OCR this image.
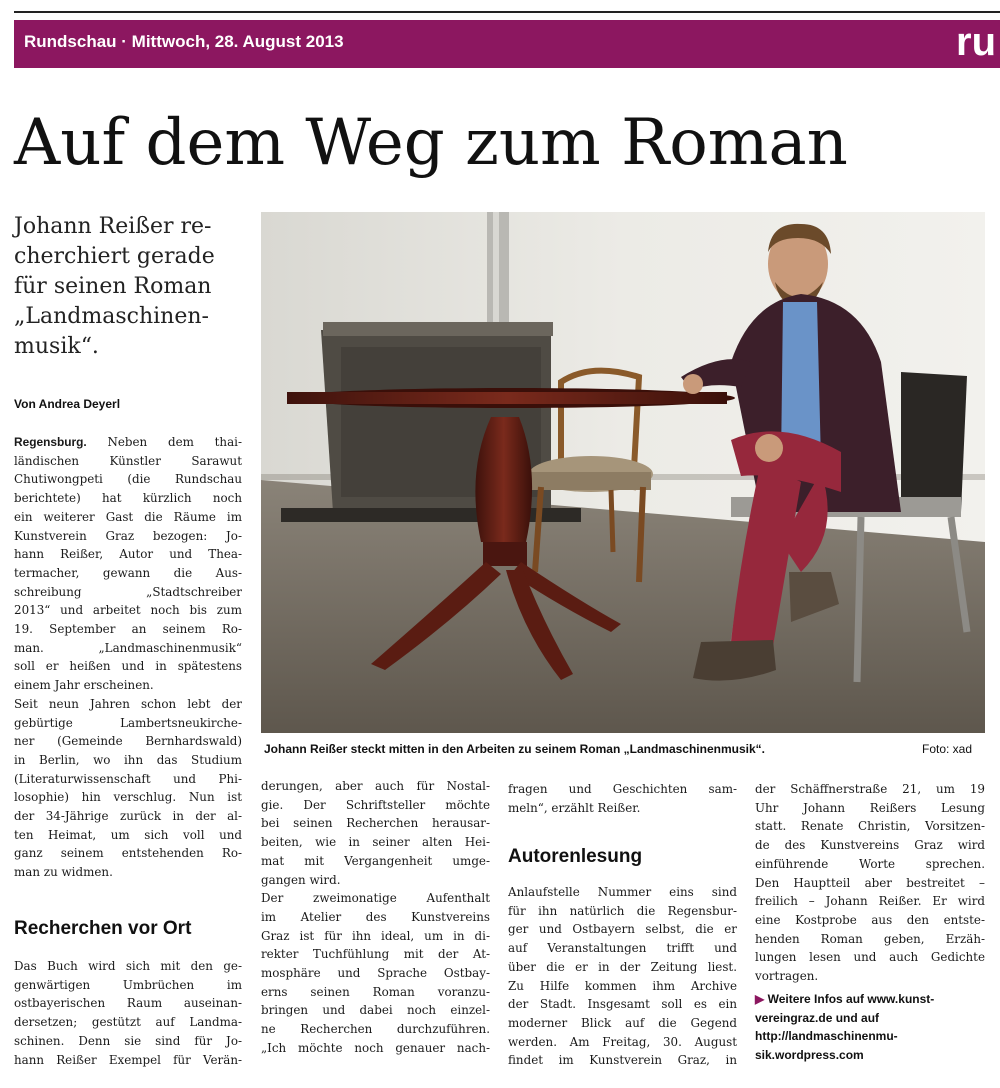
Rundschau · Mittwoch, 28. August 2013	ru
Auf dem Weg zum Roman
Johann Reißer re-
cherchiert gerade
für seinen Roman
„Landmaschinen-
musik“.
Von Andrea Deyerl
Regensburg. Neben dem thai-
ländischen Künstler Sarawut
Chutiwongpeti (die Rundschau
berichtete) hat kürzlich noch
ein weiterer Gast die Räume im
Kunstverein Graz bezogen: Jo-
hann Reißer, Autor und Thea-
termacher, gewann die Aus-
schreibung „Stadtschreiber
2013“ und arbeitet noch bis zum
19. September an seinem Ro-
man. „Landmaschinenmusik“
soll er heißen und in spätestens
einem Jahr erscheinen.
Seit neun Jahren schon lebt der
gebürtige Lambertsneukirche-
ner (Gemeinde Bernhardswald)
in Berlin, wo ihn das Studium
(Literaturwissenschaft und Phi-
losophie) hin verschlug. Nun ist
der 34-Jährige zurück in der al-
ten Heimat, um sich voll und
ganz seinem entstehenden Ro-
man zu widmen.
Recherchen vor Ort
Das Buch wird sich mit den ge-
genwärtigen Umbrüchen im
ostbayerischen Raum auseinan-
dersetzen; gestützt auf Landma-
schinen. Denn sie sind für Jo-
hann Reißer Exempel für Verän-
Johann Reißer steckt mitten in den Arbeiten zu seinem Roman „Landmaschinenmusik“.	Foto: xad
derungen, aber auch für Nostal-
gie. Der Schriftsteller möchte
bei seinen Recherchen herausar-
beiten, wie in seiner alten Hei-
mat mit Vergangenheit umge-
gangen wird.
Der zweimonatige Aufenthalt
im Atelier des Kunstvereins
Graz ist für ihn ideal, um in di-
rekter Tuchfühlung mit der At-
mosphäre und Sprache Ostbay-
erns seinen Roman voranzu-
bringen und dabei noch einzel-
ne Recherchen durchzuführen.
„Ich möchte noch genauer nach-
fragen und Geschichten sam-
meln“, erzählt Reißer.
Autorenlesung
Anlaufstelle Nummer eins sind
für ihn natürlich die Regensbur-
ger und Ostbayern selbst, die er
auf Veranstaltungen trifft und
über die er in der Zeitung liest.
Zu Hilfe kommen ihm Archive
der Stadt. Insgesamt soll es ein
moderner Blick auf die Gegend
werden. Am Freitag, 30. August
findet im Kunstverein Graz, in
der Schäffnerstraße 21, um 19
Uhr Johann Reißers Lesung
statt. Renate Christin, Vorsitzen-
de des Kunstvereins Graz wird
einführende Worte sprechen.
Den Hauptteil aber bestreitet –
freilich – Johann Reißer. Er wird
eine Kostprobe aus den entste-
henden Roman geben, Erzäh-
lungen lesen und auch Gedichte
vortragen.
▶ Weitere Infos auf www.kunst-
vereingraz.de und auf
http://landmaschinenmu-
sik.wordpress.com
